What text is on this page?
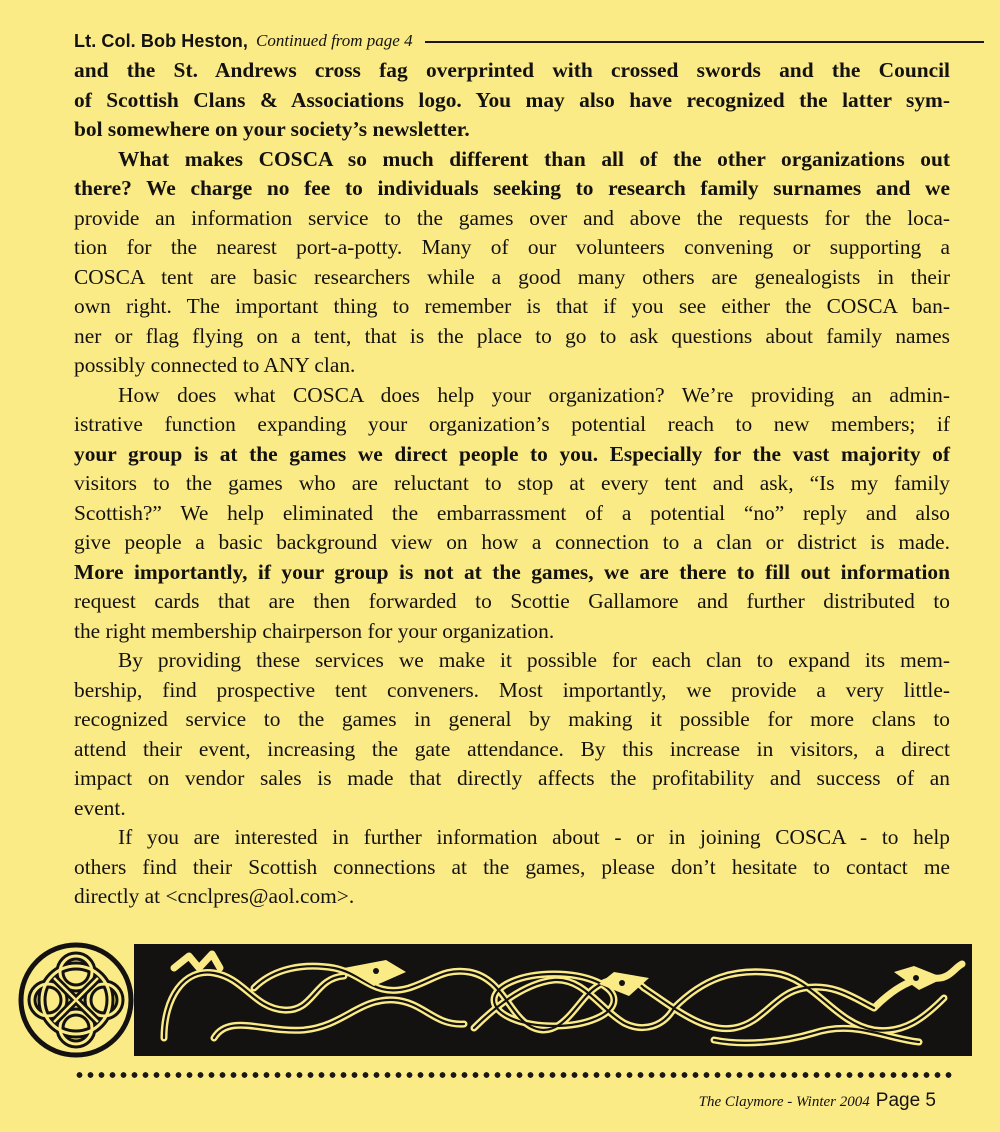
Lt. Col. Bob Heston, Continued from page 4
and the St. Andrews cross fag overprinted with crossed swords and the Council
of Scottish Clans & Associations logo. You may also have recognized the latter sym-
bol somewhere on your society’s newsletter.
What makes COSCA so much different than all of the other organizations out
there? We charge no fee to individuals seeking to research family surnames and we
provide an information service to the games over and above the requests for the loca-
tion for the nearest port-a-potty. Many of our volunteers convening or supporting a
COSCA tent are basic researchers while a good many others are genealogists in their
own right. The important thing to remember is that if you see either the COSCA ban-
ner or flag flying on a tent, that is the place to go to ask questions about family names
possibly connected to ANY clan.
How does what COSCA does help your organization? We’re providing an admin-
istrative function expanding your organization’s potential reach to new members; if
your group is at the games we direct people to you. Especially for the vast majority of
visitors to the games who are reluctant to stop at every tent and ask, “Is my family
Scottish?” We help eliminated the embarrassment of a potential “no” reply and also
give people a basic background view on how a connection to a clan or district is made.
More importantly, if your group is not at the games, we are there to fill out information
request cards that are then forwarded to Scottie Gallamore and further distributed to
the right membership chairperson for your organization.
By providing these services we make it possible for each clan to expand its mem-
bership, find prospective tent conveners. Most importantly, we provide a very little-
recognized service to the games in general by making it possible for more clans to
attend their event, increasing the gate attendance. By this increase in visitors, a direct
impact on vendor sales is made that directly affects the profitability and success of an
event.
If you are interested in further information about - or in joining COSCA - to help
others find their Scottish connections at the games, please don’t hesitate to contact me
directly at <cnclpres@aol.com>.
The Claymore - Winter 2004 Page 5
